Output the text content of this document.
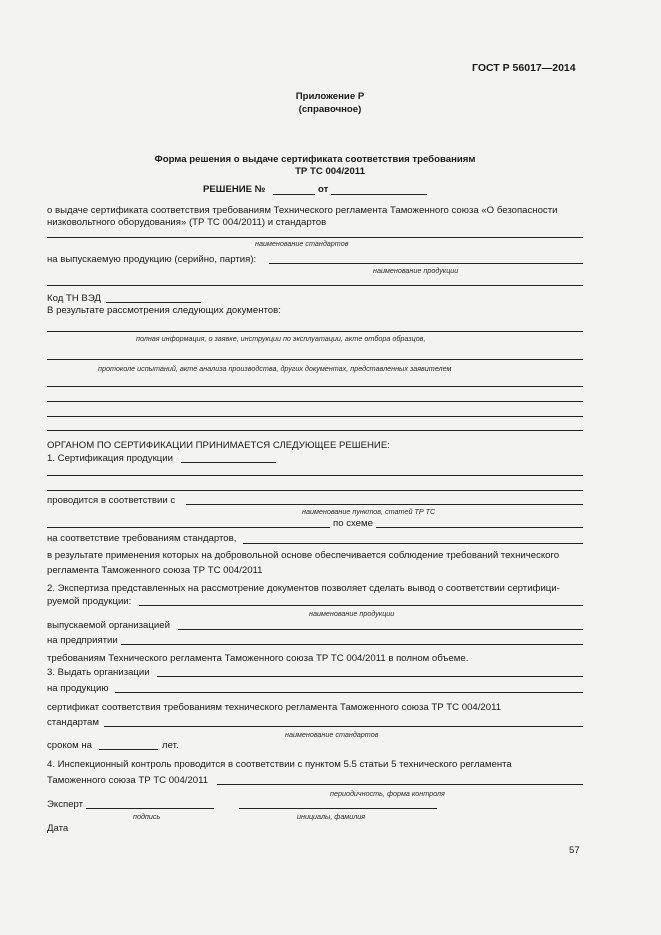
ГОСТ Р 56017—2014
Приложение Р
(справочное)
Форма решения о выдаче сертификата соответствия требованиям
ТР ТС 004/2011
РЕШЕНИЕ №	от
о выдаче сертификата соответствия требованиям Технического регламента Таможенного союза «О безопасности
низковольтного оборудования» (ТР ТС 004/2011) и стандартов
наименование стандартов
на выпускаемую продукцию (серийно, партия):
наименование продукции
Код ТН ВЭД
В результате рассмотрения следующих документов:
полная информация, о заявке, инструкции по эксплуатации, акте отбора образцов,
протоколе испытаний, акте анализа производства, других документах, представленных заявителем
ОРГАНОМ ПО СЕРТИФИКАЦИИ ПРИНИМАЕТСЯ СЛЕДУЮЩЕЕ РЕШЕНИЕ:
1. Сертификация продукции
проводится в соответствии с
наименование пунктов, статей ТР ТС
по схеме
на соответствие требованиям стандартов,
в результате применения которых на добровольной основе обеспечивается соблюдение требований технического
регламента Таможенного союза ТР ТС 004/2011
2. Экспертиза представленных на рассмотрение документов позволяет сделать вывод о соответствии сертифици-
руемой продукции:
наименование продукции
выпускаемой организацией
на предприятии
требованиям Технического регламента Таможенного союза ТР ТС 004/2011 в полном объеме.
3. Выдать организации
на продукцию
сертификат соответствия требованиям технического регламента Таможенного союза ТР ТС 004/2011
стандартам
наименование стандартов
сроком на	лет.
4. Инспекционный контроль проводится в соответствии с пунктом 5.5 статьи 5 технического регламента
Таможенного союза ТР ТС 004/2011
периодичность, форма контроля
Эксперт
подпись	инициалы, фамилия
Дата
57
